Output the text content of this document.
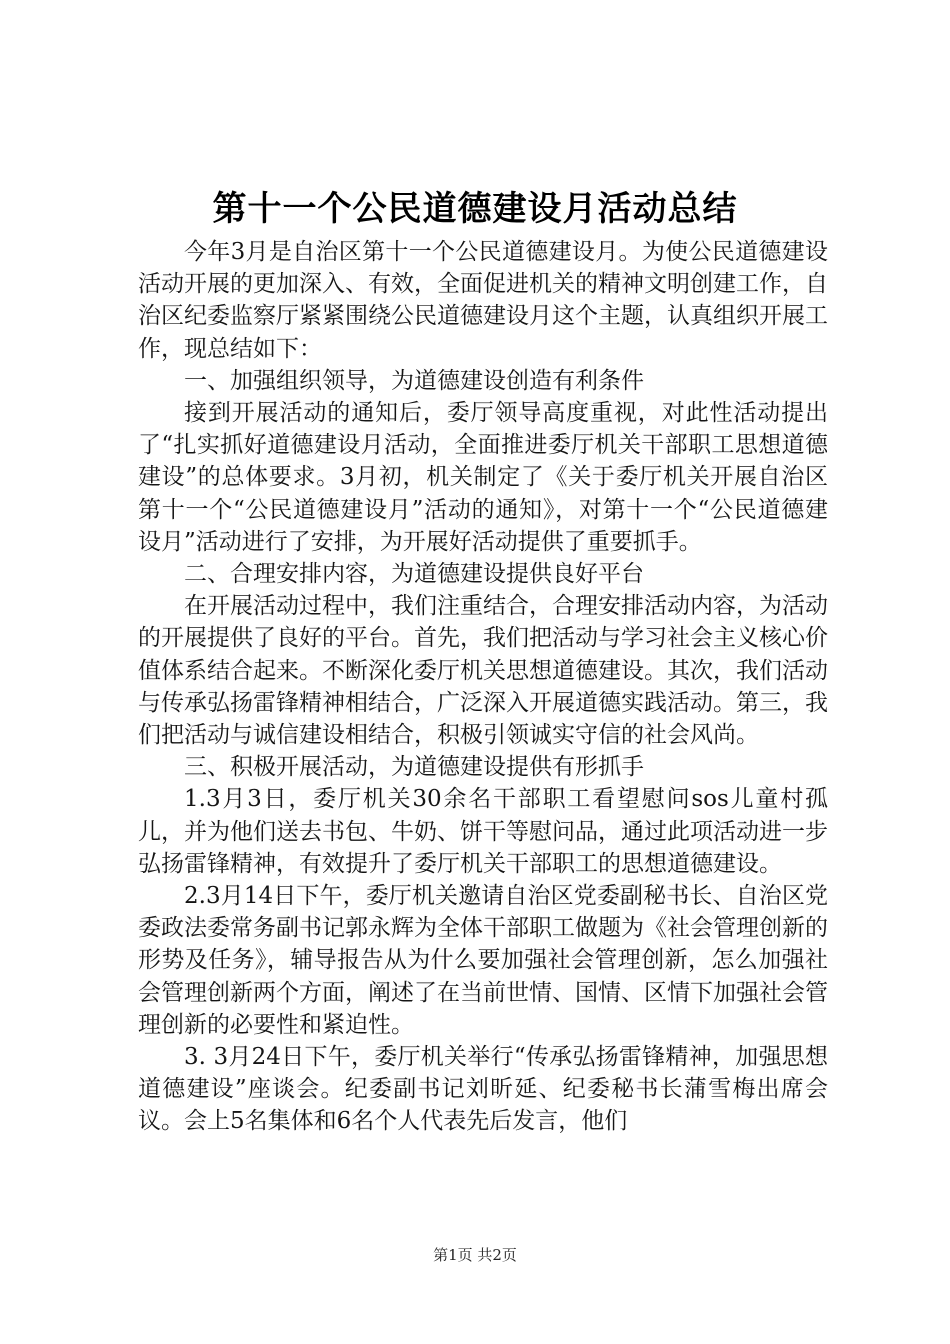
第十一个公民道德建设月活动总结

今年3月是自治区第十一个公民道德建设月。为使公民道德建设活动开展的更加深入、有效，全面促进机关的精神文明创建工作，自治区纪委监察厅紧紧围绕公民道德建设月这个主题，认真组织开展工作，现总结如下：

一、加强组织领导，为道德建设创造有利条件

接到开展活动的通知后，委厅领导高度重视，对此性活动提出了“扎实抓好道德建设月活动，全面推进委厅机关干部职工思想道德建设”的总体要求。3月初，机关制定了《关于委厅机关开展自治区第十一个“公民道德建设月”活动的通知》，对第十一个“公民道德建设月”活动进行了安排，为开展好活动提供了重要抓手。

二、合理安排内容，为道德建设提供良好平台

在开展活动过程中，我们注重结合，合理安排活动内容，为活动的开展提供了良好的平台。首先，我们把活动与学习社会主义核心价值体系结合起来。不断深化委厅机关思想道德建设。其次，我们活动与传承弘扬雷锋精神相结合，广泛深入开展道德实践活动。第三，我们把活动与诚信建设相结合，积极引领诚实守信的社会风尚。

三、积极开展活动，为道德建设提供有形抓手

1.3月3日，委厅机关30余名干部职工看望慰问sos儿童村孤儿，并为他们送去书包、牛奶、饼干等慰问品，通过此项活动进一步弘扬雷锋精神，有效提升了委厅机关干部职工的思想道德建设。

2.3月14日下午，委厅机关邀请自治区党委副秘书长、自治区党委政法委常务副书记郭永辉为全体干部职工做题为《社会管理创新的形势及任务》，辅导报告从为什么要加强社会管理创新，怎么加强社会管理创新两个方面，阐述了在当前世情、国情、区情下加强社会管理创新的必要性和紧迫性。

3. 3月24日下午，委厅机关举行“传承弘扬雷锋精神，加强思想道德建设”座谈会。纪委副书记刘昕延、纪委秘书长蒲雪梅出席会议。会上5名集体和6名个人代表先后发言，他们

第1页 共2页
